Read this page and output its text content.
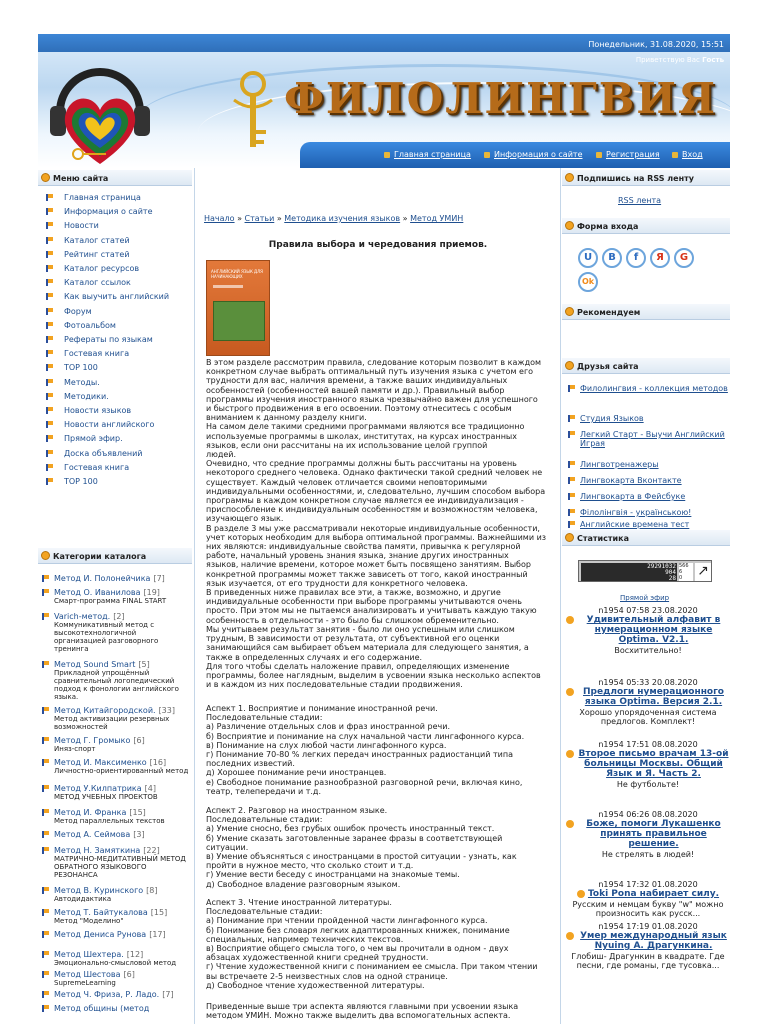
Понедельник, 31.08.2020, 15:51
Приветствую Вас Гость
ФИЛОЛИНГВИЯ
Главная страница	Информация о сайте	Регистрация	Вход
Меню сайта
Главная страница
Информация о сайте
Новости
Каталог статей
Рейтинг статей
Каталог ресурсов
Каталог ссылок
Как выучить английский
Форум
Фотоальбом
Рефераты по языкам
Гостевая книга
TOP 100
Методы.
Методики.
Новости языков
Новости английского
Прямой эфир.
Доска объявлений
Гостевая книга
TOP 100
Категории каталога
Метод И. Полонейчика [7]
Метод О. Иванилова [19]
Смарт-программа FINAL START
Varich-метод. [2]
Коммуникативный метод с высокотехнологичной организацией разговорного тренинга
Метод Sound Smart [5]
Прикладной упрощённый сравнительный логопедический подход к фонологии английского языка.
Метод Китайгородской. [33]
Метод активизации резервных возможностей
Метод Г. Громыко [6]
Иняз-спорт
Метод И. Максименко [16]
Личностно-ориентированный метод
Метод У.Килпатрика [4]
МЕТОД УЧЕБНЫХ ПРОЕКТОВ
Метод И. Франка [15]
Метод параллельных текстов
Метод А. Сеймова [3]
Метод Н. Замяткина [22]
МАТРИЧНО-МЕДИТАТИВНЫЙ МЕТОД ОБРАТНОГО ЯЗЫКОВОГО РЕЗОНАНСА
Метод В. Куринского [8]
Автодидактика
Метод Т. Байтукалова [15]
Метод "Моделино"
Метод Дениса Рунова [17]
Метод Шехтера. [12]
Эмоционально-смысловой метод
Метод Шестова [6]
SupremeLearning
Метод Ч. Фриза, Р. Ладо. [7]
Метод общины (метод
Начало » Статьи » Методика изучения языков » Метод УМИН
Правила выбора и чередования приемов.
АНГЛИЙСКИЙ ЯЗЫК ДЛЯ НАЧИНАЮЩИХ
В этом разделе рассмотрим правила, следование которым позволит в каждом
конкретном случае выбрать оптимальный путь изучения языка с учетом его
трудности для вас, наличия времени, а также ваших индивидуальных
особенностей (особенностей вашей памяти и др.). Правильный выбор
программы изучения иностранного языка чрезвычайно важен для успешного
и быстрого продвижения в его освоении. Поэтому отнеситесь с особым
вниманием к данному разделу книги.
На самом деле такими средними программами являются все традиционно
используемые программы в школах, институтах, на курсах иностранных
языков, если они рассчитаны на их использование целой группой
людей.
Очевидно, что средние программы должны быть рассчитаны на уровень
некоторого среднего человека. Однако фактически такой средний человек не
существует. Каждый человек отличается своими неповторимыми
индивидуальными особенностями, и, следовательно, лучшим способом выбора
программы в каждом конкретном случае является ее индивидуализация -
приспособление к индивидуальным особенностям и возможностям человека,
изучающего язык.
В разделе 3 мы уже рассматривали некоторые индивидуальные особенности,
учет которых необходим для выбора оптимальной программы. Важнейшими из
них являются: индивидуальные свойства памяти, привычка к регулярной
работе, начальный уровень знания языка, знание других иностранных
языков, наличие времени, которое может быть посвящено занятиям. Выбор
конкретной программы может также зависеть от того, какой иностранный
язык изучается, от его трудности для конкретного человека.
В приведенных ниже правилах все эти, а также, возможно, и другие
индивидуальные особенности при выборе программы учитываются очень
просто. При этом мы не пытаемся анализировать и учитывать каждую такую
особенность в отдельности - это было бы слишком обременительно.
Мы учитываем результат занятия - было ли оно успешным или слишком
трудным, В зависимости от результата, от субъективной его оценки
занимающийся сам выбирает объем материала для следующего занятия, а
также в определенных случаях и его содержание.
Для того чтобы сделать наложение правил, определяющих изменение
программы, более наглядным, выделим в усвоении языка несколько аспектов
и в каждом из них последовательные стадии продвижения.
Аспект 1. Восприятие и понимание иностранной речи.
Последовательные стадии:
а) Различение отдельных слов и фраз иностранной речи.
б) Восприятие и понимание на слух начальной части лингафонного курса.
в) Понимание на слух любой части лингафонного курса.
г) Понимание 70-80 % легких передач иностранных радиостанций типа
последних известий.
д) Хорошее понимание речи иностранцев.
е) Свободное понимание разнообразной разговорной речи, включая кино,
театр, телепередачи и т.д.
Аспект 2. Разговор на иностранном языке.
Последовательные стадии:
а) Умение сносно, без грубых ошибок прочесть иностранный текст.
б) Умение сказать заготовленные заранее фразы в соответствующей
ситуации.
в) Умение объясняться с иностранцами в простой ситуации - узнать, как
пройти в нужное место, что сколько стоит и т.д.
г) Умение вести беседу с иностранцами на знакомые темы.
д) Свободное владение разговорным языком.
Аспект 3. Чтение иностранной литературы.
Последовательные стадии:
а) Понимание при чтении пройденной части лингафонного курса.
б) Понимание без словаря легких адаптированных книжек, понимание
специальных, например технических текстов.
в) Восприятие общего смысла того, о чем вы прочитали в одном - двух
абзацах художественной книги средней трудности.
г) Чтение художественной книги с пониманием ее смысла. При таком чтении
вы встречаете 2-5 неизвестных слов на одной странице.
д) Свободное чтение художественной литературы.
Приведенные выше три аспекта являются главными при усвоении языка
методом УМИН. Можно также выделить два вспомогательных аспекта.
Подпишись на RSS ленту
RSS лента
Форма входа
U	B	f	Я	G
Ok
Рекомендуем
Друзья сайта
Филолингвия - коллекция методов
Студия Языков
Легкий Старт - Выучи Английский Играя
Лингвотренажеры
Лингвокарта Вконтакте
Лингвокарта в Фейсбуке
Філолінгвія - українською!
Английские времена тест
Статистика
29291032
904
28
566
6
0	↗
Прямой эфир
n1954 07:58 23.08.2020
Удивительный алфавит в нумерационном языке Optima. V2.1.
Восхитительно!
n1954 05:33 20.08.2020
Предлоги нумерационного языка Optima. Версия 2.1.
Хорошо упорядоченная система предлогов. Комплект!
n1954 17:51 08.08.2020
Второе письмо врачам 13-ой больницы Москвы. Общий Язык и Я. Часть 2.
Не футбольте!
n1954 06:26 08.08.2020
Боже, помоги Лукашенко принять правильное решение.
Не стрелять в людей!
n1954 17:32 01.08.2020
Toki Pona набирает силу.
Русским и немцам букву "w" можно произносить как русск...
n1954 17:19 01.08.2020
Умер международный язык Nyuing А. Драгункина.
Глобиш- Драгункин в квадрате. Где песни, где романы, где тусовка...
